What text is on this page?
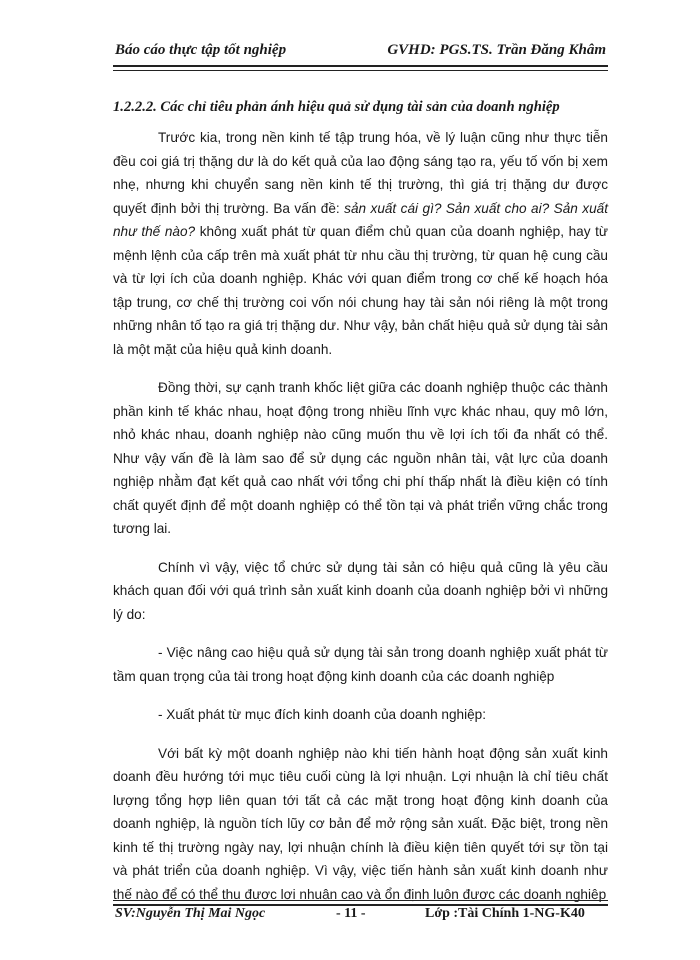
Báo cáo thực tập tốt nghiệp	GVHD: PGS.TS. Trần Đăng Khâm
1.2.2.2. Các chỉ tiêu phản ánh hiệu quả sử dụng tài sản của doanh nghiệp

Trước kia, trong nền kinh tế tập trung hóa, về lý luận cũng như thực tiễn đều coi giá trị thặng dư là do kết quả của lao động sáng tạo ra, yếu tố vốn bị xem nhẹ, nhưng khi chuyển sang nền kinh tế thị trường, thì giá trị thặng dư được quyết định bởi thị trường. Ba vấn đề: sản xuất cái gì? Sản xuất cho ai? Sản xuất như thế nào? không xuất phát từ quan điểm chủ quan của doanh nghiệp, hay từ mệnh lệnh của cấp trên mà xuất phát từ nhu cầu thị trường, từ quan hệ cung cầu và từ lợi ích của doanh nghiệp. Khác với quan điểm trong cơ chế kế hoạch hóa tập trung, cơ chế thị trường coi vốn nói chung hay tài sản nói riêng là một trong những nhân tố tạo ra giá trị thặng dư. Như vậy, bản chất hiệu quả sử dụng tài sản là một mặt của hiệu quả kinh doanh.

Đồng thời, sự cạnh tranh khốc liệt giữa các doanh nghiệp thuộc các thành phần kinh tế khác nhau, hoạt động trong nhiều lĩnh vực khác nhau, quy mô lớn, nhỏ khác nhau, doanh nghiệp nào cũng muốn thu về lợi ích tối đa nhất có thể. Như vậy vấn đề là làm sao để sử dụng các nguồn nhân tài, vật lực của doanh nghiệp nhằm đạt kết quả cao nhất với tổng chi phí thấp nhất là điều kiện có tính chất quyết định để một doanh nghiệp có thể tồn tại và phát triển vững chắc trong tương lai.

Chính vì vậy, việc tổ chức sử dụng tài sản có hiệu quả cũng là yêu cầu khách quan đối với quá trình sản xuất kinh doanh của doanh nghiệp bởi vì những lý do:

- Việc nâng cao hiệu quả sử dụng tài sản trong doanh nghiệp xuất phát từ tầm quan trọng của tài trong hoạt động kinh doanh của các doanh nghiệp

- Xuất phát từ mục đích kinh doanh của doanh nghiệp:

Với bất kỳ một doanh nghiệp nào khi tiến hành hoạt động sản xuất kinh doanh đều hướng tới mục tiêu cuối cùng là lợi nhuận. Lợi nhuận là chỉ tiêu chất lượng tổng hợp liên quan tới tất cả các mặt trong hoạt động kinh doanh của doanh nghiệp, là nguồn tích lũy cơ bản để mở rộng sản xuất. Đặc biệt, trong nền kinh tế thị trường ngày nay, lợi nhuận chính là điều kiện tiên quyết tới sự tồn tại và phát triển của doanh nghiệp. Vì vậy, việc tiến hành sản xuất kinh doanh như thế nào để có thể thu được lợi nhuận cao và ổn định luôn được các doanh nghiệp

SV:Nguyễn Thị Mai Ngọc	- 11 -	Lớp :Tài Chính 1-NG-K40
